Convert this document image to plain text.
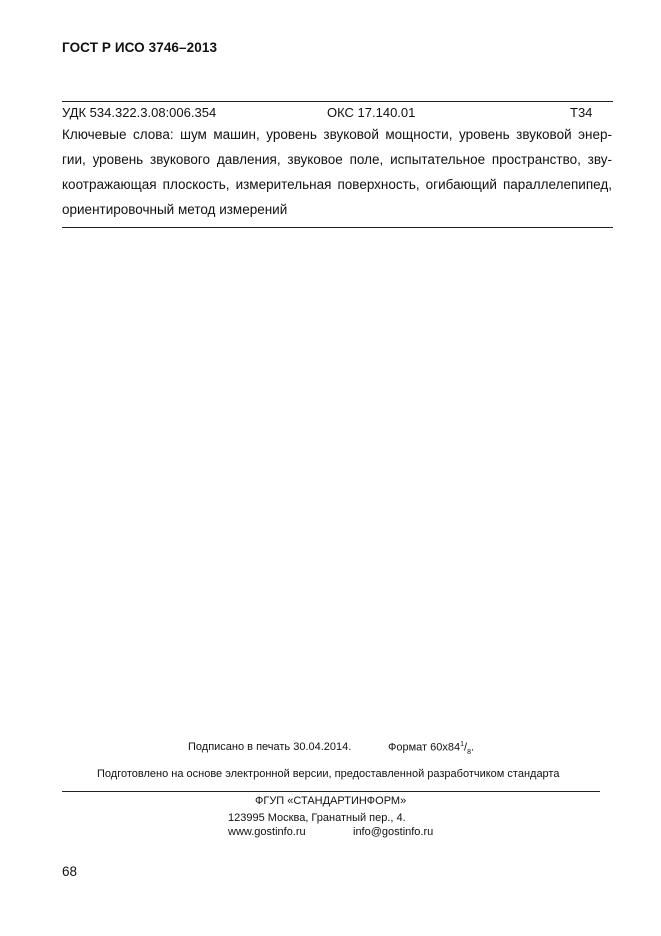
ГОСТ Р ИСО 3746–2013
УДК 534.322.3.08:006.354	ОКС 17.140.01	Т34
Ключевые слова: шум машин, уровень звуковой мощности, уровень звуковой энер-
гии, уровень звукового давления, звуковое поле, испытательное пространство, зву-
коотражающая плоскость, измерительная поверхность, огибающий параллелепипед,
ориентировочный метод измерений
Подписано в печать 30.04.2014.	Формат $60x84^1/_8$.
Подготовлено на основе электронной версии, предоставленной разработчиком стандарта
ФГУП «СТАНДАРТИНФОРМ»
123995 Москва, Гранатный пер., 4.
www.gostinfo.ru	info@gostinfo.ru
68
